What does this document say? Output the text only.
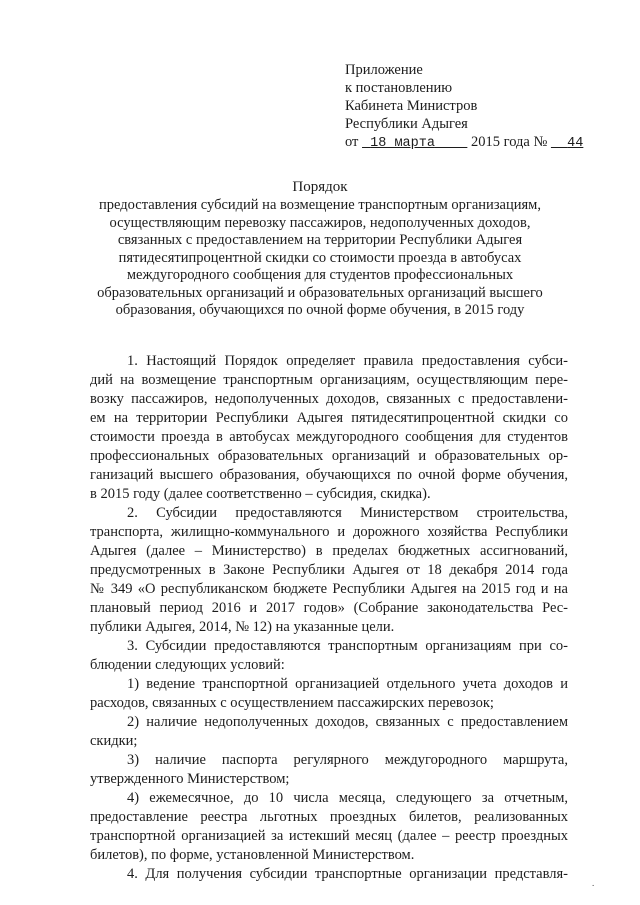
Приложение
к постановлению
Кабинета Министров
Республики Адыгея
от 18 марта 2015 года № 44
Порядок
предоставления субсидий на возмещение транспортным организациям,
осуществляющим перевозку пассажиров, недополученных доходов,
связанных с предоставлением на территории Республики Адыгея
пятидесятипроцентной скидки со стоимости проезда в автобусах
междугородного сообщения для студентов профессиональных
образовательных организаций и образовательных организаций высшего
образования, обучающихся по очной форме обучения, в 2015 году
1. Настоящий Порядок определяет правила предоставления субси-
дий на возмещение транспортным организациям, осуществляющим пере-
возку пассажиров, недополученных доходов, связанных с предоставлени-
ем на территории Республики Адыгея пятидесятипроцентной скидки со
стоимости проезда в автобусах междугородного сообщения для студентов
профессиональных образовательных организаций и образовательных ор-
ганизаций высшего образования, обучающихся по очной форме обучения,
в 2015 году (далее соответственно – субсидия, скидка).
2. Субсидии предоставляются Министерством строительства,
транспорта, жилищно-коммунального и дорожного хозяйства Республики
Адыгея (далее – Министерство) в пределах бюджетных ассигнований,
предусмотренных в Законе Республики Адыгея от 18 декабря 2014 года
№ 349 «О республиканском бюджете Республики Адыгея на 2015 год и на
плановый период 2016 и 2017 годов» (Собрание законодательства Рес-
публики Адыгея, 2014, № 12) на указанные цели.
3. Субсидии предоставляются транспортным организациям при со-
блюдении следующих условий:
1) ведение транспортной организацией отдельного учета доходов и
расходов, связанных с осуществлением пассажирских перевозок;
2) наличие недополученных доходов, связанных с предоставлением
скидки;
3) наличие паспорта регулярного междугородного маршрута,
утвержденного Министерством;
4) ежемесячное, до 10 числа месяца, следующего за отчетным,
предоставление реестра льготных проездных билетов, реализованных
транспортной организацией за истекший месяц (далее – реестр проездных
билетов), по форме, установленной Министерством.
4. Для получения субсидии транспортные организации представля-
.
